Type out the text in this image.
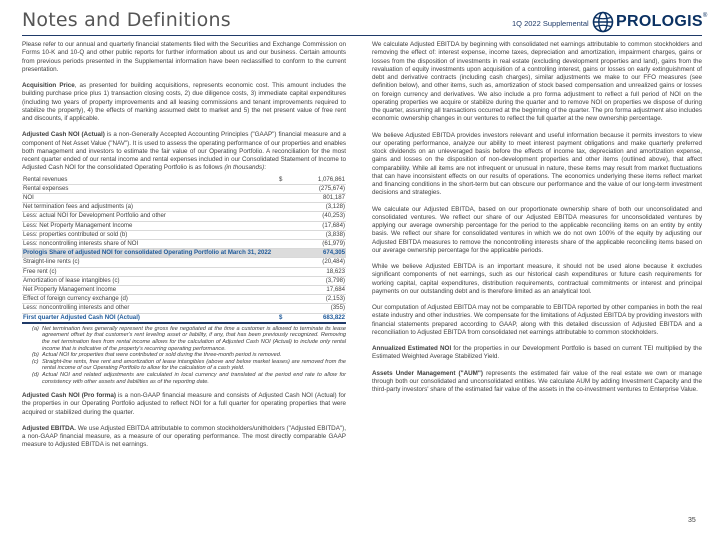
Notes and Definitions	1Q 2022 Supplemental PROLOGIS ®

Please refer to our annual and quarterly financial statements filed with the Securities and Exchange Commission on Forms 10-K and 10-Q and other public reports for further information about us and our business. Certain amounts from previous periods presented in the Supplemental information have been reclassified to conform to the current presentation.

Acquisition Price, as presented for building acquisitions, represents economic cost. This amount includes the building purchase price plus 1) transaction closing costs, 2) due diligence costs, 3) immediate capital expenditures (including two years of property improvements and all leasing commissions and tenant improvements required to stabilize the property), 4) the effects of marking assumed debt to market and 5) the net present value of free rent and discounts, if applicable.

Adjusted Cash NOI (Actual) is a non-Generally Accepted Accounting Principles ("GAAP") financial measure and a component of Net Asset Value ("NAV"). It is used to assess the operating performance of our properties and enables both management and investors to estimate the fair value of our Operating Portfolio. A reconciliation for the most recent quarter ended of our rental income and rental expenses included in our Consolidated Statement of Income to Adjusted Cash NOI for the consolidated Operating Portfolio is as follows (in thousands):

Rental revenues	$	1,076,861
Rental expenses		(275,674)
NOI		801,187
Net termination fees and adjustments (a)		(3,128)
Less: actual NOI for Development Portfolio and other		(40,253)
Less: Net Property Management Income		(17,684)
Less: properties contributed or sold (b)		(3,838)
Less: noncontrolling interests share of NOI		(61,979)
Prologis Share of adjusted NOI for consolidated Operating Portfolio at March 31, 2022		674,305
Straight-line rents (c)		(20,484)
Free rent (c)		18,623
Amortization of lease intangibles (c)		(3,798)
Net Property Management Income		17,684
Effect of foreign currency exchange (d)		(2,153)
Less: noncontrolling interests and other		(355)
First quarter Adjusted Cash NOI (Actual)	$	683,822
(a) Net termination fees generally represent the gross fee negotiated at the time a customer is allowed to terminate its lease agreement offset by that customer's rent leveling asset or liability, if any, that has been previously recognized. Removing the net termination fees from rental income allows for the calculation of Adjusted Cash NOI (Actual) to include only rental income that is indicative of the property's recurring operating performance.
(b) Actual NOI for properties that were contributed or sold during the three-month period is removed.
(c) Straight-line rents, free rent and amortization of lease intangibles (above and below market leases) are removed from the rental income of our Operating Portfolio to allow for the calculation of a cash yield.
(d) Actual NOI and related adjustments are calculated in local currency and translated at the period end rate to allow for consistency with other assets and liabilities as of the reporting date.

Adjusted Cash NOI (Pro forma) is a non-GAAP financial measure and consists of Adjusted Cash NOI (Actual) for the properties in our Operating Portfolio adjusted to reflect NOI for a full quarter for operating properties that were acquired or stabilized during the quarter.

Adjusted EBITDA. We use Adjusted EBITDA attributable to common stockholders/unitholders ("Adjusted EBITDA"), a non-GAAP financial measure, as a measure of our operating performance. The most directly comparable GAAP measure to Adjusted EBITDA is net earnings.

We calculate Adjusted EBITDA by beginning with consolidated net earnings attributable to common stockholders and removing the effect of: interest expense, income taxes, depreciation and amortization, impairment charges, gains or losses from the disposition of investments in real estate (excluding development properties and land), gains from the revaluation of equity investments upon acquisition of a controlling interest, gains or losses on early extinguishment of debt and derivative contracts (including cash charges), similar adjustments we make to our FFO measures (see definition below), and other items, such as, amortization of stock based compensation and unrealized gains or losses on foreign currency and derivatives. We also include a pro forma adjustment to reflect a full period of NOI on the operating properties we acquire or stabilize during the quarter and to remove NOI on properties we dispose of during the quarter, assuming all transactions occurred at the beginning of the quarter. The pro forma adjustment also includes economic ownership changes in our ventures to reflect the full quarter at the new ownership percentage.

We believe Adjusted EBITDA provides investors relevant and useful information because it permits investors to view our operating performance, analyze our ability to meet interest payment obligations and make quarterly preferred stock dividends on an unleveraged basis before the effects of income tax, depreciation and amortization expense, gains and losses on the disposition of non-development properties and other items (outlined above), that affect comparability. While all items are not infrequent or unusual in nature, these items may result from market fluctuations that can have inconsistent effects on our results of operations. The economics underlying these items reflect market and financing conditions in the short-term but can obscure our performance and the value of our long-term investment decisions and strategies.

We calculate our Adjusted EBITDA, based on our proportionate ownership share of both our unconsolidated and consolidated ventures. We reflect our share of our Adjusted EBITDA measures for unconsolidated ventures by applying our average ownership percentage for the period to the applicable reconciling items on an entity by entity basis. We reflect our share for consolidated ventures in which we do not own 100% of the equity by adjusting our Adjusted EBITDA measures to remove the noncontrolling interests share of the applicable reconciling items based on our average ownership percentage for the applicable periods.

While we believe Adjusted EBITDA is an important measure, it should not be used alone because it excludes significant components of net earnings, such as our historical cash expenditures or future cash requirements for working capital, capital expenditures, distribution requirements, contractual commitments or interest and principal payments on our outstanding debt and is therefore limited as an analytical tool.

Our computation of Adjusted EBITDA may not be comparable to EBITDA reported by other companies in both the real estate industry and other industries. We compensate for the limitations of Adjusted EBITDA by providing investors with financial statements prepared according to GAAP, along with this detailed discussion of Adjusted EBITDA and a reconciliation to Adjusted EBITDA from consolidated net earnings attributable to common stockholders.

Annualized Estimated NOI for the properties in our Development Portfolio is based on current TEI multiplied by the Estimated Weighted Average Stabilized Yield.

Assets Under Management ("AUM") represents the estimated fair value of the real estate we own or manage through both our consolidated and unconsolidated entities. We calculate AUM by adding Investment Capacity and the third-party investors' share of the estimated fair value of the assets in the co-investment ventures to Enterprise Value.

35
